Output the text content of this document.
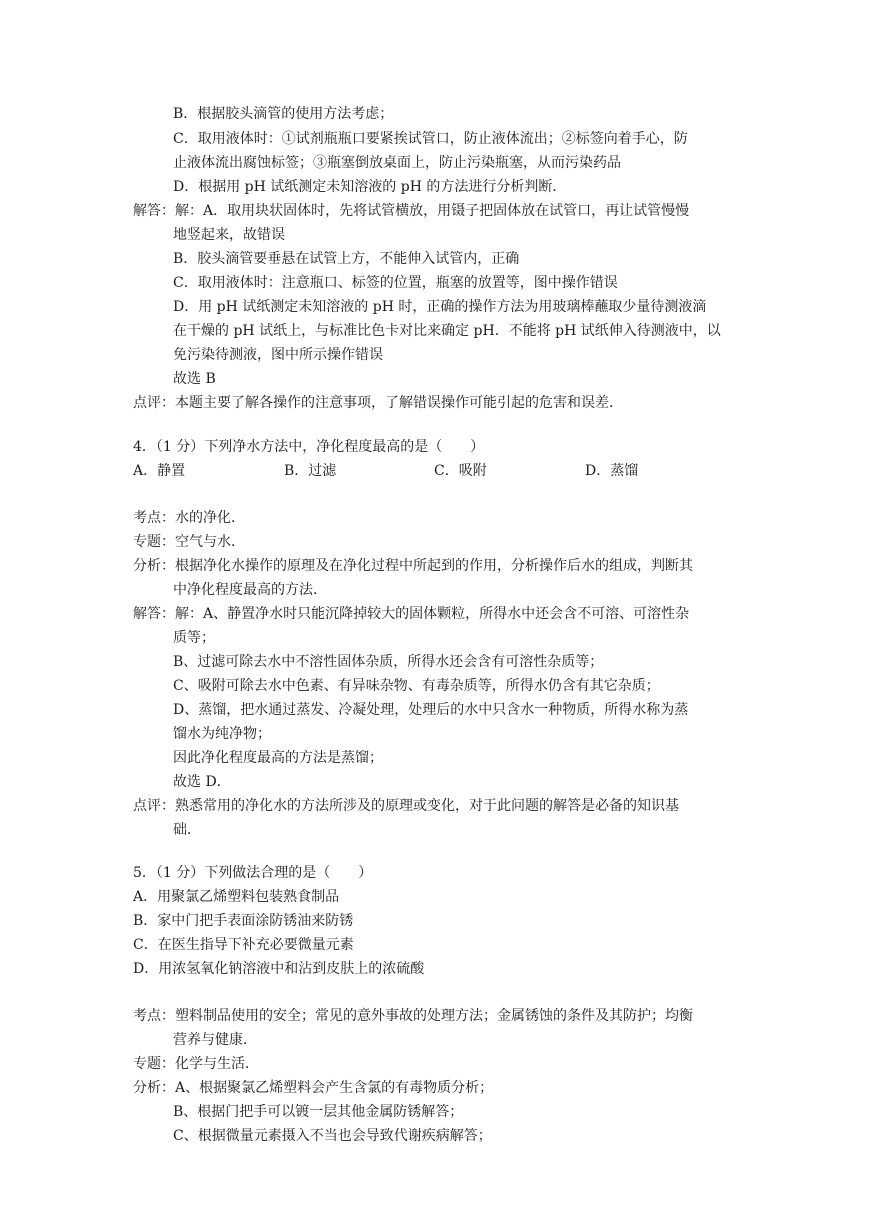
B．根据胶头滴管的使用方法考虑；
C．取用液体时：①试剂瓶瓶口要紧挨试管口，防止液体流出；②标签向着手心，防
止液体流出腐蚀标签；③瓶塞倒放桌面上，防止污染瓶塞，从而污染药品
D．根据用 pH 试纸测定未知溶液的 pH 的方法进行分析判断．
解答：解：A．取用块状固体时，先将试管横放，用镊子把固体放在试管口，再让试管慢慢
地竖起来，故错误
B．胶头滴管要垂悬在试管上方，不能伸入试管内，正确
C．取用液体时：注意瓶口、标签的位置，瓶塞的放置等，图中操作错误
D．用 pH 试纸测定未知溶液的 pH 时，正确的操作方法为用玻璃棒蘸取少量待测液滴
在干燥的 pH 试纸上，与标准比色卡对比来确定 pH．不能将 pH 试纸伸入待测液中，以
免污染待测液，图中所示操作错误
故选 B
点评：本题主要了解各操作的注意事项，了解错误操作可能引起的危害和误差．
4．（1 分）下列净水方法中，净化程度最高的是（　　）
A．静置	B．过滤	C．吸附	D．蒸馏
考点：水的净化．
专题：空气与水．
分析：根据净化水操作的原理及在净化过程中所起到的作用，分析操作后水的组成，判断其
中净化程度最高的方法．
解答：解：A、静置净水时只能沉降掉较大的固体颗粒，所得水中还会含不可溶、可溶性杂
质等；
B、过滤可除去水中不溶性固体杂质，所得水还会含有可溶性杂质等；
C、吸附可除去水中色素、有异味杂物、有毒杂质等，所得水仍含有其它杂质；
D、蒸馏，把水通过蒸发、冷凝处理，处理后的水中只含水一种物质，所得水称为蒸
馏水为纯净物；
因此净化程度最高的方法是蒸馏；
故选 D．
点评：熟悉常用的净化水的方法所涉及的原理或变化，对于此问题的解答是必备的知识基
础．
5．（1 分）下列做法合理的是（　　）
A．用聚氯乙烯塑料包装熟食制品
B．家中门把手表面涂防锈油来防锈
C．在医生指导下补充必要微量元素
D．用浓氢氧化钠溶液中和沾到皮肤上的浓硫酸
考点：塑料制品使用的安全；常见的意外事故的处理方法；金属锈蚀的条件及其防护；均衡
营养与健康．
专题：化学与生活．
分析：A、根据聚氯乙烯塑料会产生含氯的有毒物质分析；
B、根据门把手可以镀一层其他金属防锈解答；
C、根据微量元素摄入不当也会导致代谢疾病解答；
